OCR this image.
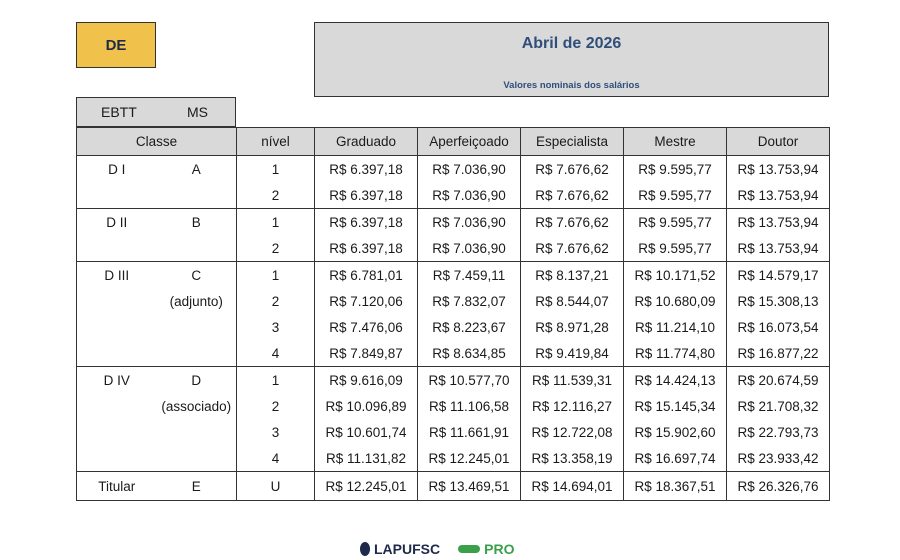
DE	Abril de 2026
Valores nominais dos salários
EBTT	MS
Classe		nível	Graduado	Aperfeiçoado	Especialista	Mestre	Doutor
D I	A	1	R$ 6.397,18	R$ 7.036,90	R$ 7.676,62	R$ 9.595,77	R$ 13.753,94
		2	R$ 6.397,18	R$ 7.036,90	R$ 7.676,62	R$ 9.595,77	R$ 13.753,94
D II	B	1	R$ 6.397,18	R$ 7.036,90	R$ 7.676,62	R$ 9.595,77	R$ 13.753,94
		2	R$ 6.397,18	R$ 7.036,90	R$ 7.676,62	R$ 9.595,77	R$ 13.753,94
D III	C	1	R$ 6.781,01	R$ 7.459,11	R$ 8.137,21	R$ 10.171,52	R$ 14.579,17
	(adjunto)	2	R$ 7.120,06	R$ 7.832,07	R$ 8.544,07	R$ 10.680,09	R$ 15.308,13
		3	R$ 7.476,06	R$ 8.223,67	R$ 8.971,28	R$ 11.214,10	R$ 16.073,54
		4	R$ 7.849,87	R$ 8.634,85	R$ 9.419,84	R$ 11.774,80	R$ 16.877,22
D IV	D	1	R$ 9.616,09	R$ 10.577,70	R$ 11.539,31	R$ 14.424,13	R$ 20.674,59
	(associado)	2	R$ 10.096,89	R$ 11.106,58	R$ 12.116,27	R$ 15.145,34	R$ 21.708,32
		3	R$ 10.601,74	R$ 11.661,91	R$ 12.722,08	R$ 15.902,60	R$ 22.793,73
		4	R$ 11.131,82	R$ 12.245,01	R$ 13.358,19	R$ 16.697,74	R$ 23.933,42
Titular	E	U	R$ 12.245,01	R$ 13.469,51	R$ 14.694,01	R$ 18.367,51	R$ 26.326,76
LAPUFSC	PRO
